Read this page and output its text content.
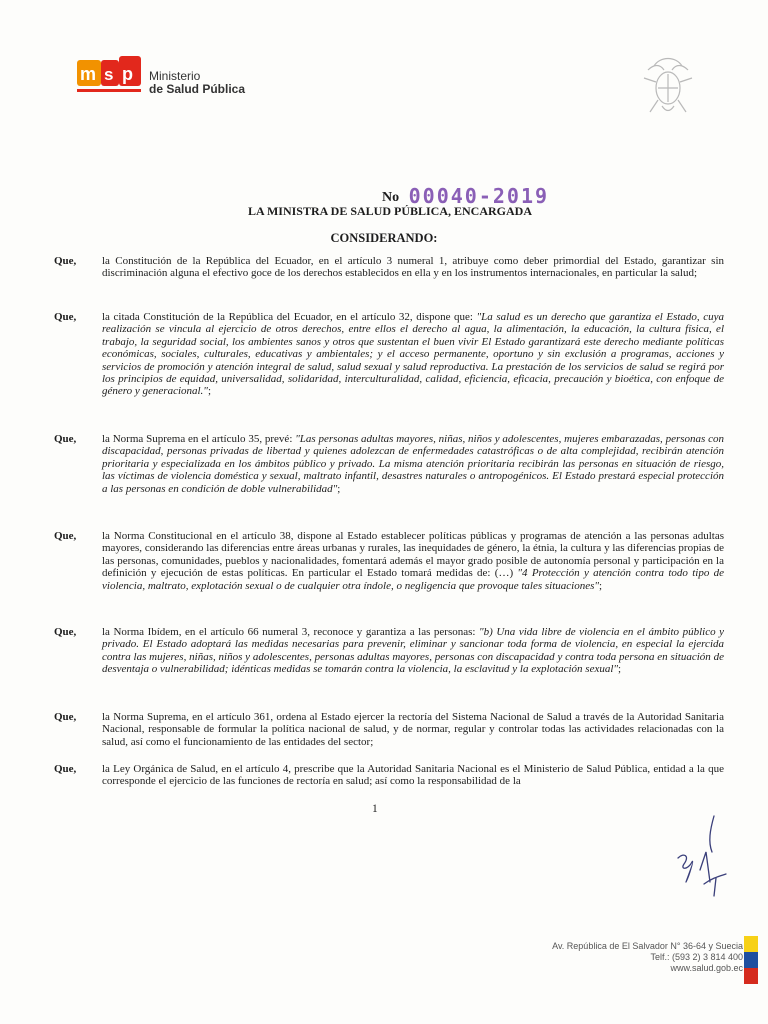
m s p Ministerio
de Salud Pública
No 00040-2019
LA MINISTRA DE SALUD PÚBLICA, ENCARGADA
CONSIDERANDO:
Que, la Constitución de la República del Ecuador, en el artículo 3 numeral 1, atribuye como deber primordial del Estado, garantizar sin discriminación alguna el efectivo goce de los derechos establecidos en ella y en los instrumentos internacionales, en particular la salud;
Que, la citada Constitución de la República del Ecuador, en el artículo 32, dispone que: "La salud es un derecho que garantiza el Estado, cuya realización se vincula al ejercicio de otros derechos, entre ellos el derecho al agua, la alimentación, la educación, la cultura física, el trabajo, la seguridad social, los ambientes sanos y otros que sustentan el buen vivir El Estado garantizará este derecho mediante políticas económicas, sociales, culturales, educativas y ambientales; y el acceso permanente, oportuno y sin exclusión a programas, acciones y servicios de promoción y atención integral de salud, salud sexual y salud reproductiva. La prestación de los servicios de salud se regirá por los principios de equidad, universalidad, solidaridad, interculturalidad, calidad, eficiencia, eficacia, precaución y bioética, con enfoque de género y generacional.";
Que, la Norma Suprema en el artículo 35, prevé: "Las personas adultas mayores, niñas, niños y adolescentes, mujeres embarazadas, personas con discapacidad, personas privadas de libertad y quienes adolezcan de enfermedades catastróficas o de alta complejidad, recibirán atención prioritaria y especializada en los ámbitos público y privado. La misma atención prioritaria recibirán las personas en situación de riesgo, las víctimas de violencia doméstica y sexual, maltrato infantil, desastres naturales o antropogénicos. El Estado prestará especial protección a las personas en condición de doble vulnerabilidad";
Que, la Norma Constitucional en el artículo 38, dispone al Estado establecer políticas públicas y programas de atención a las personas adultas mayores, considerando las diferencias entre áreas urbanas y rurales, las inequidades de género, la étnia, la cultura y las diferencias propias de las personas, comunidades, pueblos y nacionalidades, fomentará además el mayor grado posible de autonomía personal y participación en la definición y ejecución de estas políticas. En particular el Estado tomará medidas de: (…) "4 Protección y atención contra todo tipo de violencia, maltrato, explotación sexual o de cualquier otra índole, o negligencia que provoque tales situaciones";
Que, la Norma Ibídem, en el artículo 66 numeral 3, reconoce y garantiza a las personas: "b) Una vida libre de violencia en el ámbito público y privado. El Estado adoptará las medidas necesarias para prevenir, eliminar y sancionar toda forma de violencia, en especial la ejercida contra las mujeres, niñas, niños y adolescentes, personas adultas mayores, personas con discapacidad y contra toda persona en situación de desventaja o vulnerabilidad; idénticas medidas se tomarán contra la violencia, la esclavitud y la explotación sexual";
Que, la Norma Suprema, en el artículo 361, ordena al Estado ejercer la rectoría del Sistema Nacional de Salud a través de la Autoridad Sanitaria Nacional, responsable de formular la política nacional de salud, y de normar, regular y controlar todas las actividades relacionadas con la salud, así como el funcionamiento de las entidades del sector;
Que, la Ley Orgánica de Salud, en el artículo 4, prescribe que la Autoridad Sanitaria Nacional es el Ministerio de Salud Pública, entidad a la que corresponde el ejercicio de las funciones de rectoría en salud; así como la responsabilidad de la
1
Av. República de El Salvador N° 36-64 y Suecia
Telf.: (593 2) 3 814 400
www.salud.gob.ec
